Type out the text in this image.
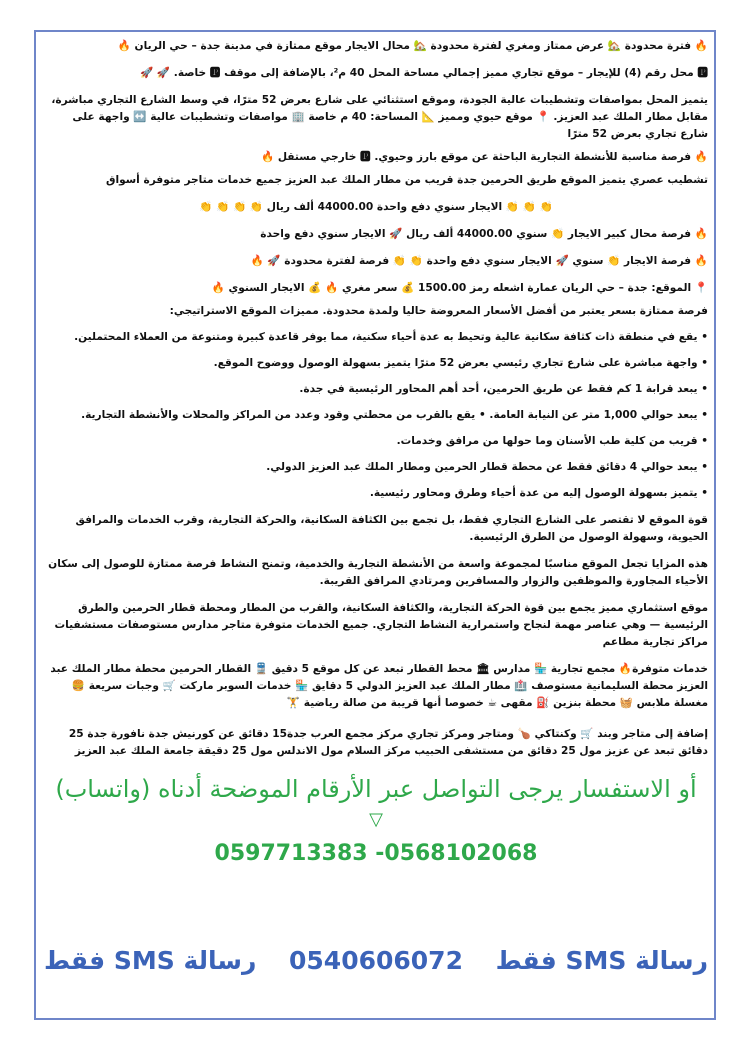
🔥 فترة محدودة 🏡 عرض ممتاز ومغري لفترة محدودة 🏡 محال الايجار موقع ممتازة في مدينة جدة – حي الريان 🔥

🅿 محل رقم (4) للإيجار – موقع تجاري مميز إجمالي مساحة المحل 40 م²، بالإضافة إلى موقف 🅿 خاصة. 🚀 🚀

يتميز المحل بمواصفات وتشطيبات عالية الجودة، وموقع استثنائي على شارع بعرض 52 مترًا، في وسط الشارع التجاري مباشرة، مقابل مطار الملك عبد العزيز. 📍 موقع حيوي ومميز 📐 المساحة: 40 م خاصة 🏢 مواصفات وتشطيبات عالية ↔️ واجهة على شارع تجاري بعرض 52 مترًا

🔥 فرصة مناسبة للأنشطة التجارية الباحثة عن موقع بارز وحيوي. 🅿 خارجي مستقل 🔥

تشطيب عصري يتميز الموقع طريق الحرمين جدة قريب من مطار الملك عبد العزيز جميع خدمات متاجر متوفرة أسواق

👏 👏 👏 الايجار سنوي دفع واحدة 44000.00 ألف ريال 👏 👏 👏 👏

🔥 فرصة محال كبير الايجار 👏 سنوي 44000.00 ألف ريال 🚀 الايجار سنوي دفع واحدة

🔥 فرصة الايجار 👏 سنوي 🚀 الايجار سنوي دفع واحدة 👏 👏 فرصة لفترة محدودة 🚀 🔥

📍 الموقع: جدة – حي الريان عمارة اشعله رمز 1500.00 💰 سعر مغري 🔥 💰 الايجار السنوي 🔥

فرصة ممتازة بسعر يعتبر من أفضل الأسعار المعروضة حاليا ولمدة محدودة. مميزات الموقع الاستراتيجي:

• يقع في منطقة ذات كثافة سكانية عالية وتحيط به عدة أحياء سكنية، مما يوفر قاعدة كبيرة ومتنوعة من العملاء المحتملين.

• واجهة مباشرة على شارع تجاري رئيسي بعرض 52 مترًا يتميز بسهولة الوصول ووضوح الموقع.

• يبعد قرابة 1 كم فقط عن طريق الحرمين، أحد أهم المحاور الرئيسية في جدة.

• يبعد حوالي 1,000 متر عن النيابة العامة. • يقع بالقرب من محطتي وقود وعدد من المراكز والمحلات والأنشطة التجارية.

• قريب من كلية طب الأسنان وما حولها من مرافق وخدمات.

• يبعد حوالي 4 دقائق فقط عن محطة قطار الحرمين ومطار الملك عبد العزيز الدولي.

• يتميز بسهولة الوصول إليه من عدة أحياء وطرق ومحاور رئيسية.

قوة الموقع لا تقتصر على الشارع التجاري فقط، بل تجمع بين الكثافة السكانية، والحركة التجارية، وقرب الخدمات والمرافق الحيوية، وسهولة الوصول من الطرق الرئيسية.

هذه المزايا تجعل الموقع مناسبًا لمجموعة واسعة من الأنشطة التجارية والخدمية، وتمنح النشاط فرصة ممتازة للوصول إلى سكان الأحياء المجاورة والموظفين والزوار والمسافرين ومرتادي المرافق القريبة.

موقع استثماري مميز يجمع بين قوة الحركة التجارية، والكثافة السكانية، والقرب من المطار ومحطة قطار الحرمين والطرق الرئيسية — وهي عناصر مهمة لنجاح واستمرارية النشاط التجاري. جميع الخدمات متوفرة متاجر مدارس مستوصفات مستشفيات مراكز تجارية مطاعم

خدمات متوفرة🔥 مجمع تجارية 🏪 مدارس 🏛 محط القطار تبعد عن كل موقع 5 دقيق 🚆 القطار الحرمين محطة مطار الملك عبد العزيز محطة السليمانية مستوصف 🏥 مطار الملك عبد العزيز الدولي 5 دقايق 🏪 خدمات السوبر ماركت 🛒 وجبات سريعة 🍔 مغسلة ملابس 🧺 محطة بنزين ⛽ مقهى ☕ خصوصا أنها قريبة من صالة رياضية 🏋

إضافة إلى متاجر وبند 🛒 وكنتاكي 🍗 ومتاجر ومركز تجاري مركز مجمع العرب جدة15 دقائق عن كورنيش جدة نافورة جدة 25 دقائق تبعد عن عزيز مول 25 دقائق من مستشفى الحبيب مركز السلام مول الاندلس مول 25 دقيقة جامعة الملك عبد العزيز

أو الاستفسار يرجى التواصل عبر الأرقام الموضحة أدناه (واتساب)
▽
0597713383 -0568102068
رسالة SMS فقط 0540606072 رسالة SMS فقط
